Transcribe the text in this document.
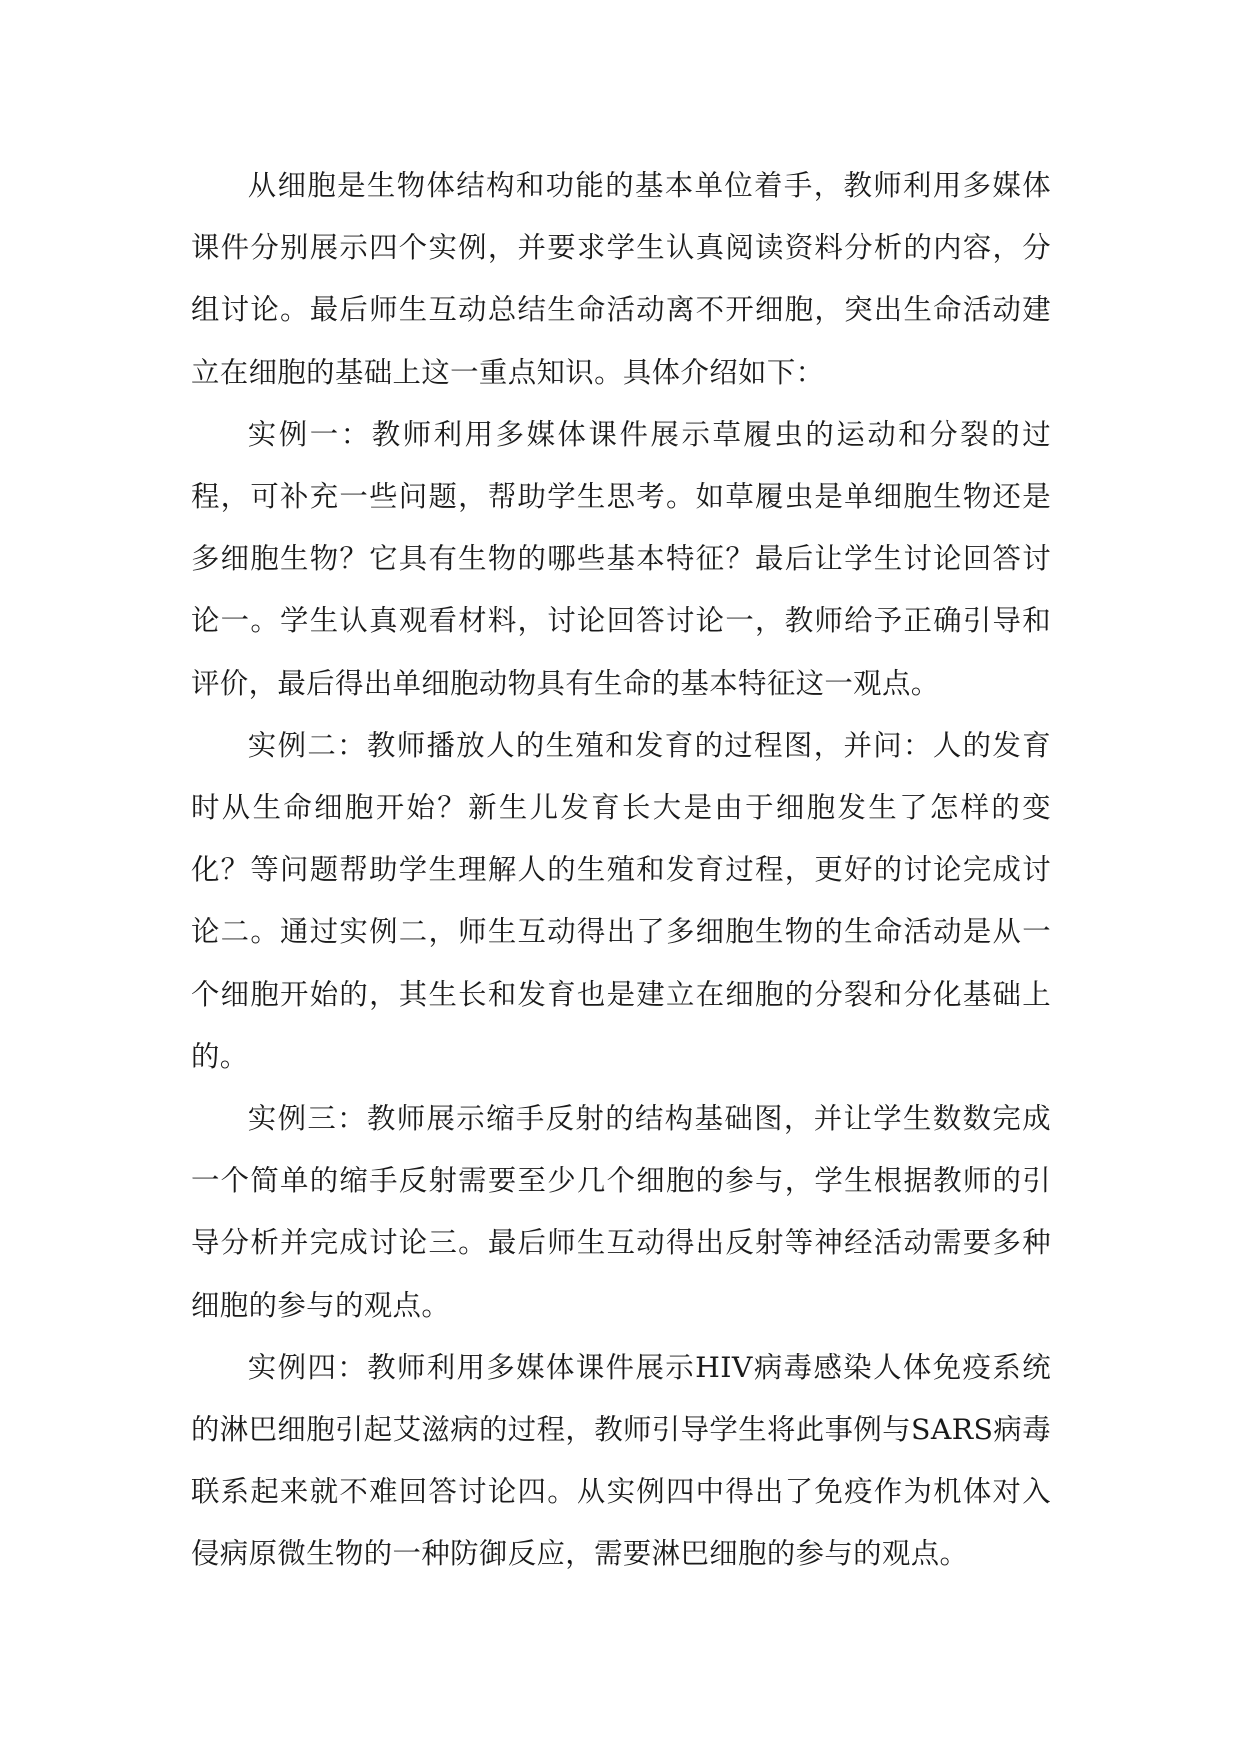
从细胞是生物体结构和功能的基本单位着手，教师利用多媒体课件分别展示四个实例，并要求学生认真阅读资料分析的内容，分组讨论。最后师生互动总结生命活动离不开细胞，突出生命活动建立在细胞的基础上这一重点知识。具体介绍如下：

实例一：教师利用多媒体课件展示草履虫的运动和分裂的过程，可补充一些问题，帮助学生思考。如草履虫是单细胞生物还是多细胞生物？它具有生物的哪些基本特征？最后让学生讨论回答讨论一。学生认真观看材料，讨论回答讨论一，教师给予正确引导和评价，最后得出单细胞动物具有生命的基本特征这一观点。

实例二：教师播放人的生殖和发育的过程图，并问：人的发育时从生命细胞开始？新生儿发育长大是由于细胞发生了怎样的变化？等问题帮助学生理解人的生殖和发育过程，更好的讨论完成讨论二。通过实例二，师生互动得出了多细胞生物的生命活动是从一个细胞开始的，其生长和发育也是建立在细胞的分裂和分化基础上的。

实例三：教师展示缩手反射的结构基础图，并让学生数数完成一个简单的缩手反射需要至少几个细胞的参与，学生根据教师的引导分析并完成讨论三。最后师生互动得出反射等神经活动需要多种细胞的参与的观点。

实例四：教师利用多媒体课件展示HIV病毒感染人体免疫系统的淋巴细胞引起艾滋病的过程，教师引导学生将此事例与SARS病毒联系起来就不难回答讨论四。从实例四中得出了免疫作为机体对入侵病原微生物的一种防御反应，需要淋巴细胞的参与的观点。
